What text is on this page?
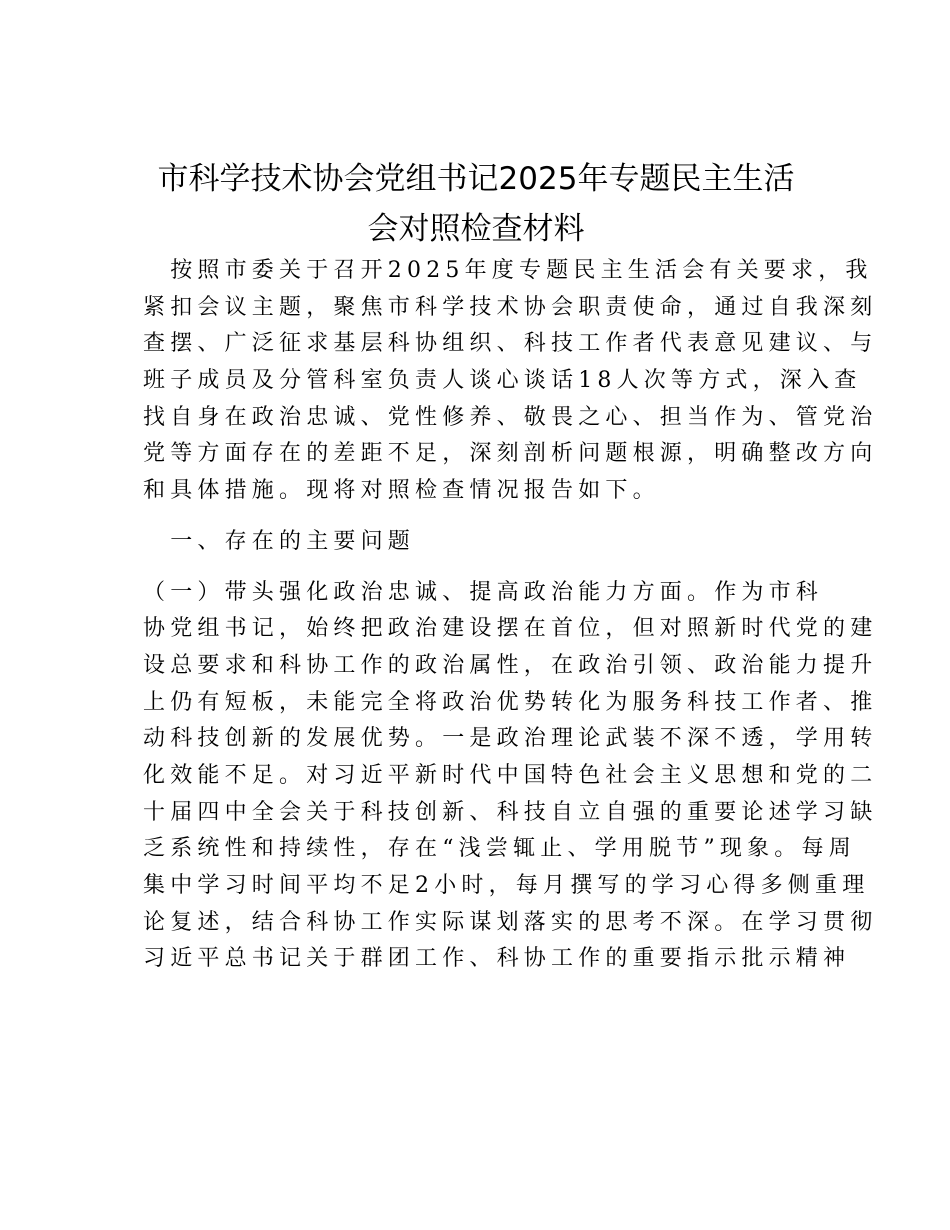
市科学技术协会党组书记2025年专题民主生活
会对照检查材料
　按照市委关于召开2025年度专题民主生活会有关要求，我
紧扣会议主题，聚焦市科学技术协会职责使命，通过自我深刻
查摆、广泛征求基层科协组织、科技工作者代表意见建议、与
班子成员及分管科室负责人谈心谈话18人次等方式，深入查
找自身在政治忠诚、党性修养、敬畏之心、担当作为、管党治
党等方面存在的差距不足，深刻剖析问题根源，明确整改方向
和具体措施。现将对照检查情况报告如下。
　一、存在的主要问题
（一）带头强化政治忠诚、提高政治能力方面。作为市科
协党组书记，始终把政治建设摆在首位，但对照新时代党的建
设总要求和科协工作的政治属性，在政治引领、政治能力提升
上仍有短板，未能完全将政治优势转化为服务科技工作者、推
动科技创新的发展优势。一是政治理论武装不深不透，学用转
化效能不足。对习近平新时代中国特色社会主义思想和党的二
十届四中全会关于科技创新、科技自立自强的重要论述学习缺
乏系统性和持续性，存在“浅尝辄止、学用脱节”现象。每周
集中学习时间平均不足2小时，每月撰写的学习心得多侧重理
论复述，结合科协工作实际谋划落实的思考不深。在学习贯彻
习近平总书记关于群团工作、科协工作的重要指示批示精神
